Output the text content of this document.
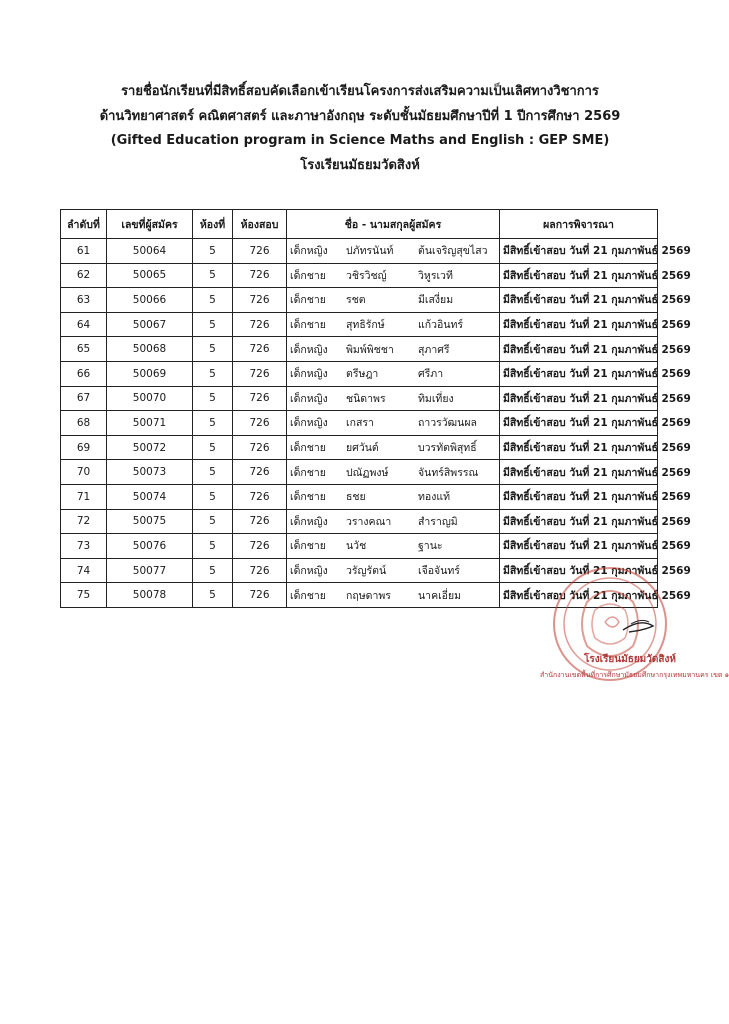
รายชื่อนักเรียนที่มีสิทธิ์สอบคัดเลือกเข้าเรียนโครงการส่งเสริมความเป็นเลิศทางวิชาการ
ด้านวิทยาศาสตร์ คณิตศาสตร์ และภาษาอังกฤษ ระดับชั้นมัธยมศึกษาปีที่ 1 ปีการศึกษา 2569
(Gifted Education program in Science Maths and English : GEP SME)
โรงเรียนมัธยมวัดสิงห์
ลำดับที่	เลขที่ผู้สมัคร	ห้องที่	ห้องสอบ	ชื่อ - นามสกุลผู้สมัคร	ผลการพิจารณา
61	50064	5	726	เด็กหญิง ปภัทรนันท์ ต้นเจริญสุขไสว	มีสิทธิ์เข้าสอบ วันที่ 21 กุมภาพันธ์ 2569
62	50065	5	726	เด็กชาย วชิรวิชญ์ วิหูรเวที	มีสิทธิ์เข้าสอบ วันที่ 21 กุมภาพันธ์ 2569
63	50066	5	726	เด็กชาย รชต มีเสงี่ยม	มีสิทธิ์เข้าสอบ วันที่ 21 กุมภาพันธ์ 2569
64	50067	5	726	เด็กชาย สุทธิรักษ์ แก้วอินทร์	มีสิทธิ์เข้าสอบ วันที่ 21 กุมภาพันธ์ 2569
65	50068	5	726	เด็กหญิง พิมพ์พิชชา สุภาศรี	มีสิทธิ์เข้าสอบ วันที่ 21 กุมภาพันธ์ 2569
66	50069	5	726	เด็กหญิง ตรีษฎา ศรีภา	มีสิทธิ์เข้าสอบ วันที่ 21 กุมภาพันธ์ 2569
67	50070	5	726	เด็กหญิง ชนิดาพร ทิมเที่ยง	มีสิทธิ์เข้าสอบ วันที่ 21 กุมภาพันธ์ 2569
68	50071	5	726	เด็กหญิง เกสรา ถาวรวัฒนผล	มีสิทธิ์เข้าสอบ วันที่ 21 กุมภาพันธ์ 2569
69	50072	5	726	เด็กชาย ยศวันต์ บวรทัตพิสุทธิ์	มีสิทธิ์เข้าสอบ วันที่ 21 กุมภาพันธ์ 2569
70	50073	5	726	เด็กชาย ปณัฏพงษ์ จันทร์สิพรรณ	มีสิทธิ์เข้าสอบ วันที่ 21 กุมภาพันธ์ 2569
71	50074	5	726	เด็กชาย ธชย ทองแท้	มีสิทธิ์เข้าสอบ วันที่ 21 กุมภาพันธ์ 2569
72	50075	5	726	เด็กหญิง วรางคณา สำราญมิ	มีสิทธิ์เข้าสอบ วันที่ 21 กุมภาพันธ์ 2569
73	50076	5	726	เด็กชาย นวัช ฐานะ	มีสิทธิ์เข้าสอบ วันที่ 21 กุมภาพันธ์ 2569
74	50077	5	726	เด็กหญิง วรัญรัตน์ เจือจันทร์	มีสิทธิ์เข้าสอบ วันที่ 21 กุมภาพันธ์ 2569
75	50078	5	726	เด็กชาย กฤษดาพร นาคเอี่ยม	มีสิทธิ์เข้าสอบ วันที่ 21 กุมภาพันธ์ 2569
โรงเรียนมัธยมวัดสิงห์
สำนักงานเขตพื้นที่การศึกษามัธยมศึกษากรุงเทพมหานคร เขต ๑
